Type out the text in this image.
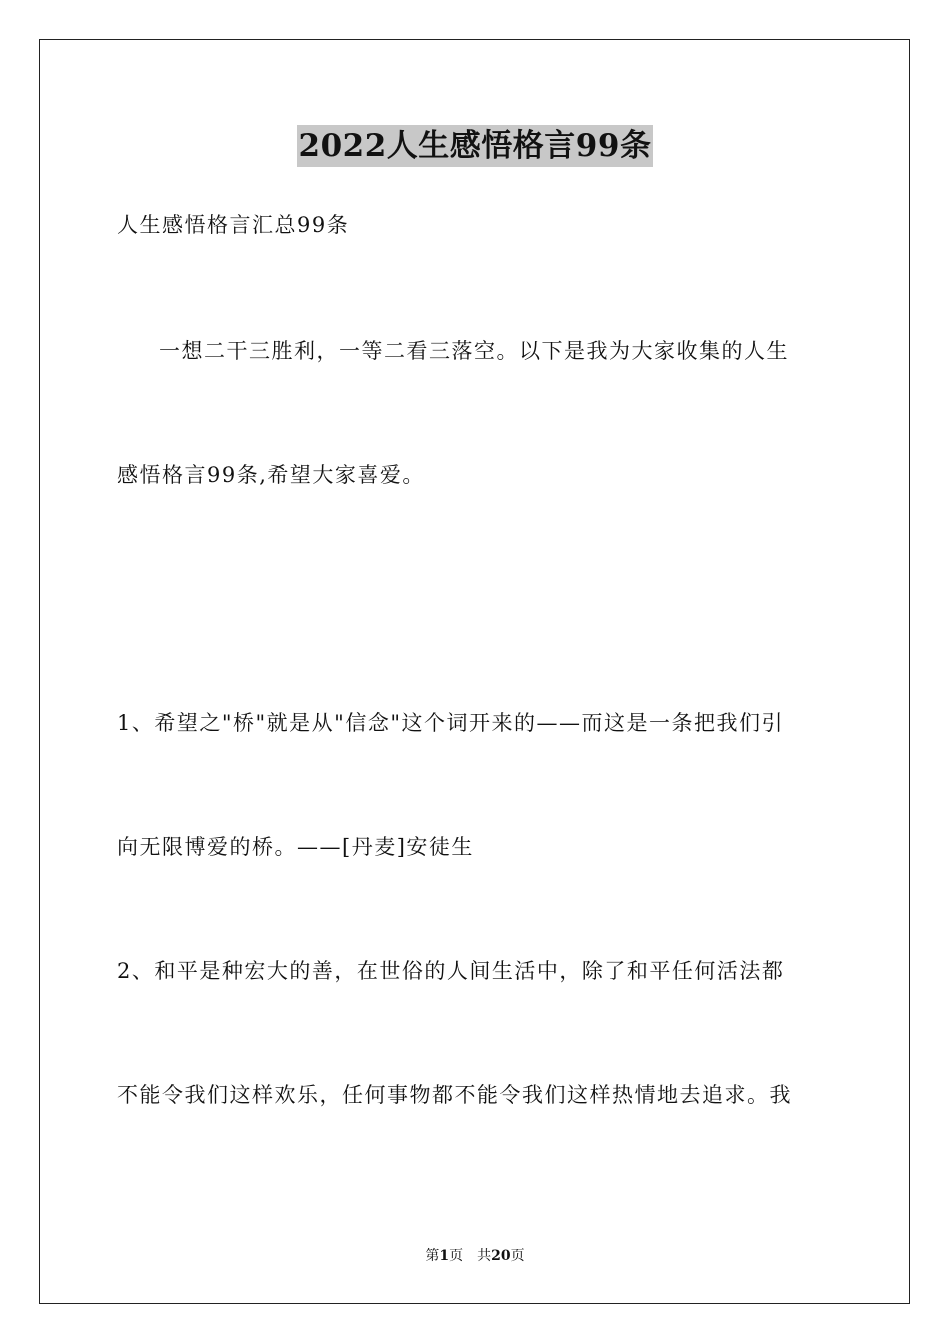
2022人生感悟格言99条
人生感悟格言汇总99条
一想二干三胜利，一等二看三落空。以下是我为大家收集的人生
感悟格言99条,希望大家喜爱。
1、希望之"桥"就是从"信念"这个词开来的——而这是一条把我们引
向无限博爱的桥。——[丹麦]安徒生
2、和平是种宏大的善，在世俗的人间生活中，除了和平任何活法都
不能令我们这样欢乐，任何事物都不能令我们这样热情地去追求。我
第1页 共20页
